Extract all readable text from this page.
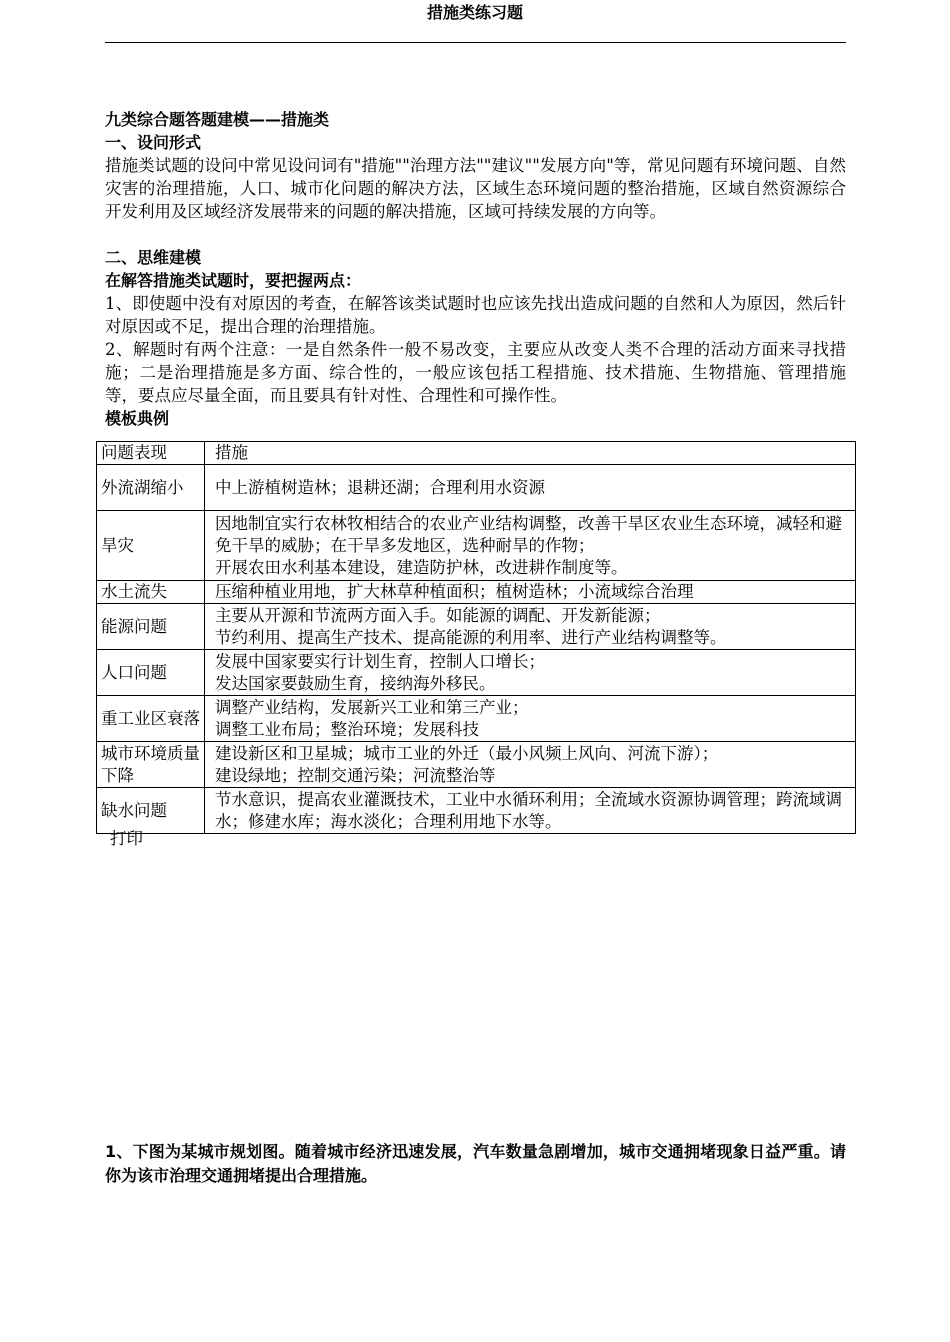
措施类练习题
九类综合题答题建模——措施类
一、设问形式
措施类试题的设问中常见设问词有"措施""治理方法""建议""发展方向"等，常见问题有环境问题、自然灾害的治理措施，人口、城市化问题的解决方法，区域生态环境问题的整治措施，区域自然资源综合开发利用及区域经济发展带来的问题的解决措施，区域可持续发展的方向等。
二、思维建模
在解答措施类试题时，要把握两点：
1、即使题中没有对原因的考查，在解答该类试题时也应该先找出造成问题的自然和人为原因，然后针对原因或不足，提出合理的治理措施。
2、解题时有两个注意：一是自然条件一般不易改变，主要应从改变人类不合理的活动方面来寻找措施；二是治理措施是多方面、综合性的，一般应该包括工程措施、技术措施、生物措施、管理措施等，要点应尽量全面，而且要具有针对性、合理性和可操作性。
模板典例
问题表现	措施
外流湖缩小	中上游植树造林；退耕还湖；合理利用水资源

旱灾	因地制宜实行农林牧相结合的农业产业结构调整，改善干旱区农业生态环境，减轻和避免干旱的威胁；在干旱多发地区，选种耐旱的作物；
开展农田水利基本建设，建造防护林，改进耕作制度等。

水土流失	压缩种植业用地，扩大林草种植面积；植树造林；小流域综合治理

能源问题	主要从开源和节流两方面入手。如能源的调配、开发新能源；
节约利用、提高生产技术、提高能源的利用率、进行产业结构调整等。

人口问题	发展中国家要实行计划生育，控制人口增长；
发达国家要鼓励生育，接纳海外移民。

重工业区衰落	调整产业结构，发展新兴工业和第三产业；
调整工业布局；整治环境；发展科技

城市环境质量下降	建设新区和卫星城；城市工业的外迁（最小风频上风向、河流下游）；
建设绿地；控制交通污染；河流整治等

缺水问题	节水意识，提高农业灌溉技术，工业中水循环利用；全流域水资源协调管理；跨流域调水；修建水库；海水淡化；合理利用地下水等。
打印
1、下图为某城市规划图。随着城市经济迅速发展，汽车数量急剧增加，城市交通拥堵现象日益严重。请你为该市治理交通拥堵提出合理措施。
